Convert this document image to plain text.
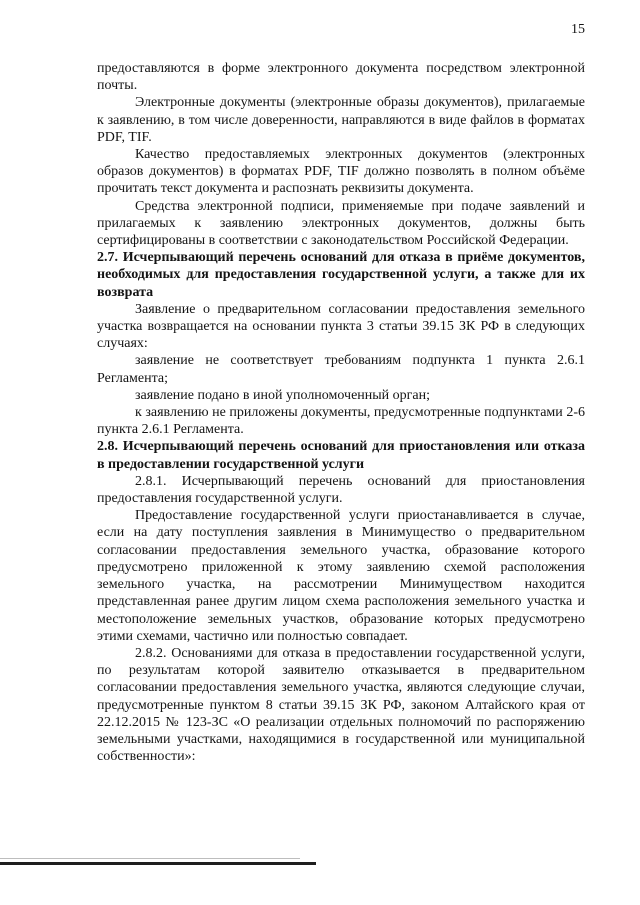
15

предоставляются в форме электронного документа посредством электронной почты.

Электронные документы (электронные образы документов), прилагаемые к заявлению, в том числе доверенности, направляются в виде файлов в форматах PDF, TIF.

Качество предоставляемых электронных документов (электронных образов документов) в форматах PDF, TIF должно позволять в полном объёме прочитать текст документа и распознать реквизиты документа.

Средства электронной подписи, применяемые при подаче заявлений и прилагаемых к заявлению электронных документов, должны быть сертифицированы в соответствии с законодательством Российской Федерации.

2.7. Исчерпывающий перечень оснований для отказа в приёме документов, необходимых для предоставления государственной услуги, а также для их возврата

Заявление о предварительном согласовании предоставления земельного участка возвращается на основании пункта 3 статьи 39.15 ЗК РФ в следующих случаях:

заявление не соответствует требованиям подпункта 1 пункта 2.6.1 Регламента;

заявление подано в иной уполномоченный орган;

к заявлению не приложены документы, предусмотренные подпунктами 2-6 пункта 2.6.1 Регламента.

2.8. Исчерпывающий перечень оснований для приостановления или отказа в предоставлении государственной услуги

2.8.1. Исчерпывающий перечень оснований для приостановления предоставления государственной услуги.

Предоставление государственной услуги приостанавливается в случае, если на дату поступления заявления в Минимущество о предварительном согласовании предоставления земельного участка, образование которого предусмотрено приложенной к этому заявлению схемой расположения земельного участка, на рассмотрении Минимуществом находится представленная ранее другим лицом схема расположения земельного участка и местоположение земельных участков, образование которых предусмотрено этими схемами, частично или полностью совпадает.

2.8.2. Основаниями для отказа в предоставлении государственной услуги, по результатам которой заявителю отказывается в предварительном согласовании предоставления земельного участка, являются следующие случаи, предусмотренные пунктом 8 статьи 39.15 ЗК РФ, законом Алтайского края от 22.12.2015 № 123-ЗС «О реализации отдельных полномочий по распоряжению земельными участками, находящимися в государственной или муниципальной собственности»:
